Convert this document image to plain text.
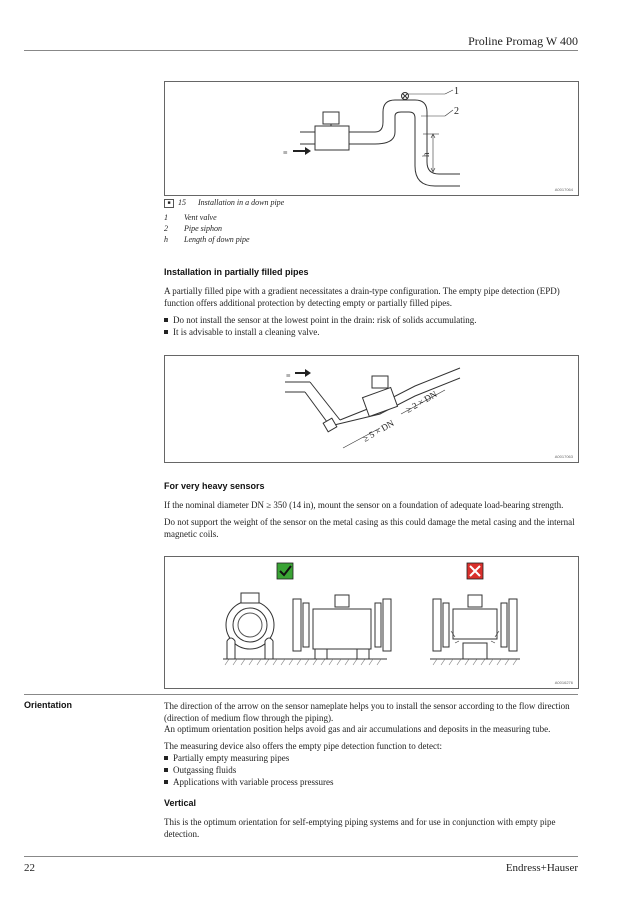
Proline Promag W 400
≡
1
2
h
A0017064
■ 15 Installation in a down pipe
1 Vent valve
2 Pipe siphon
h Length of down pipe
Installation in partially filled pipes
A partially filled pipe with a gradient necessitates a drain-type configuration. The empty pipe detection (EPD) function offers additional protection by detecting empty or partially filled pipes.
Do not install the sensor at the lowest point in the drain: risk of solids accumulating.
It is advisable to install a cleaning valve.
≡
≥ 5 × DN
≥ 2 × DN
A0017063
For very heavy sensors
If the nominal diameter DN ≥ 350 (14 in), mount the sensor on a foundation of adequate load-bearing strength.
Do not support the weight of the sensor on the metal casing as this could damage the metal casing and the internal magnetic coils.
A0016276
Orientation	The direction of the arrow on the sensor nameplate helps you to install the sensor according to the flow direction (direction of medium flow through the piping).
An optimum orientation position helps avoid gas and air accumulations and deposits in the measuring tube.
The measuring device also offers the empty pipe detection function to detect:
Partially empty measuring pipes
Outgassing fluids
Applications with variable process pressures
Vertical
This is the optimum orientation for self-emptying piping systems and for use in conjunction with empty pipe detection.
22	Endress+Hauser
